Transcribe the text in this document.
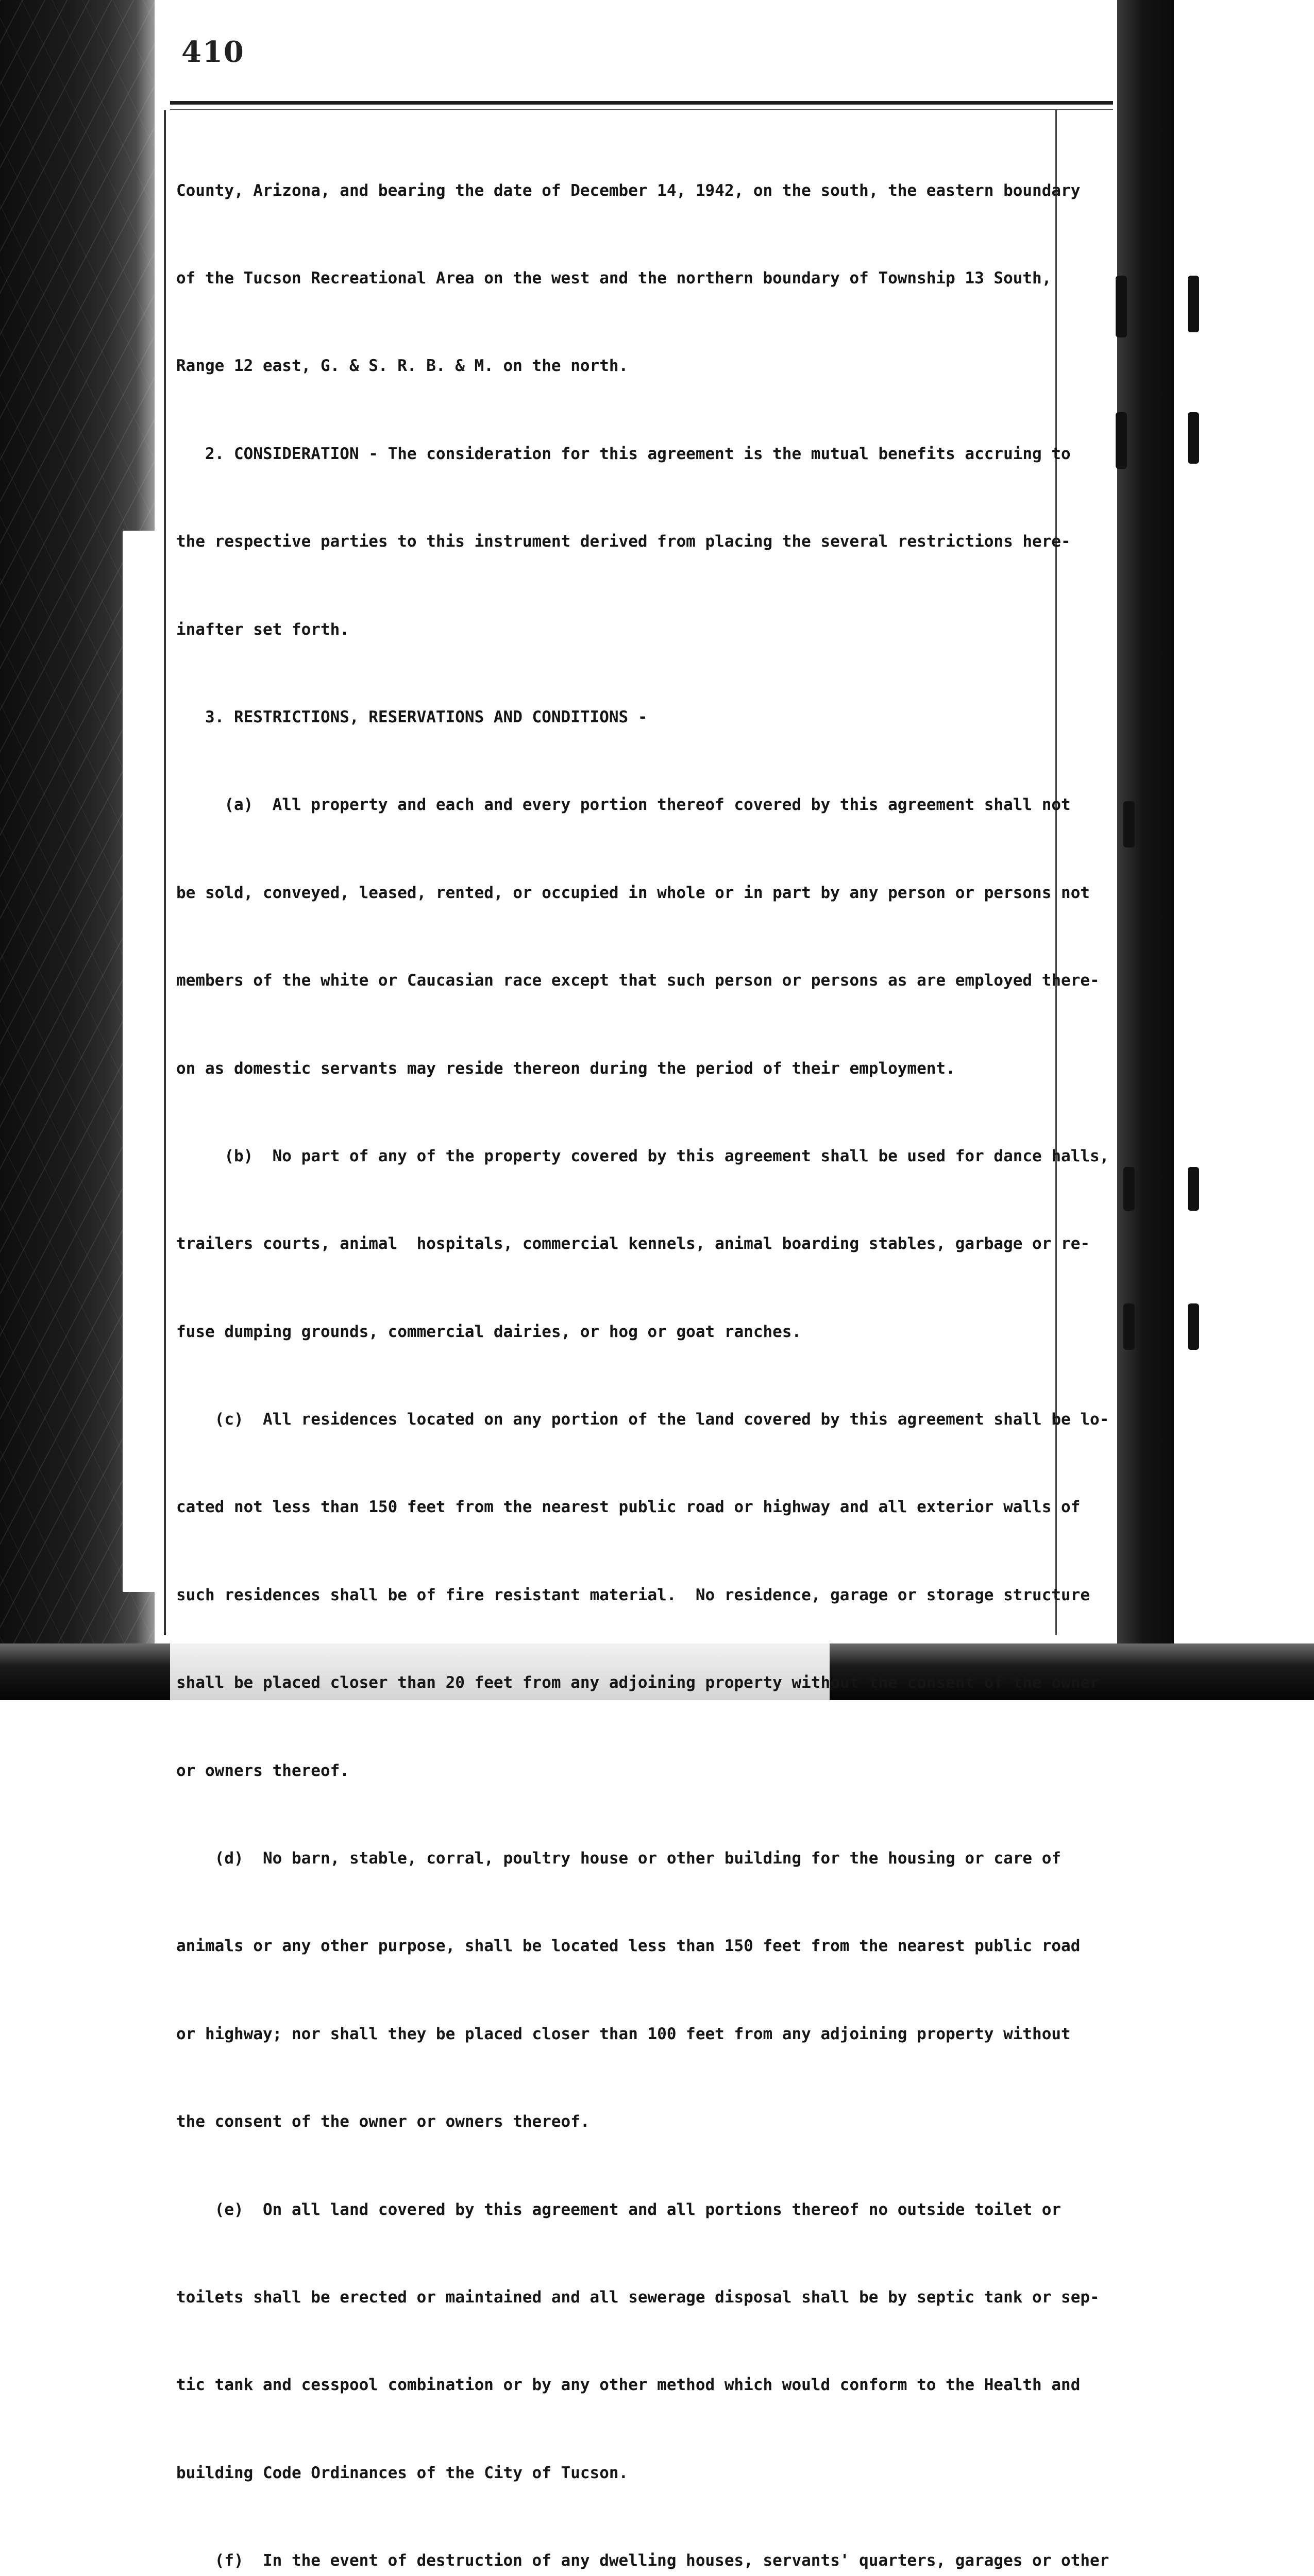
410

County, Arizona, and bearing the date of December 14, 1942, on the south, the eastern boundary

of the Tucson Recreational Area on the west and the northern boundary of Township 13 South,

Range 12 east, G. & S. R. B. & M. on the north.

2. CONSIDERATION - The consideration for this agreement is the mutual benefits accruing to

the respective parties to this instrument derived from placing the several restrictions here-

inafter set forth.

3. RESTRICTIONS, RESERVATIONS AND CONDITIONS -

(a)  All property and each and every portion thereof covered by this agreement shall not

be sold, conveyed, leased, rented, or occupied in whole or in part by any person or persons not

members of the white or Caucasian race except that such person or persons as are employed there-

on as domestic servants may reside thereon during the period of their employment.

(b)  No part of any of the property covered by this agreement shall be used for dance halls,

trailers courts, animal  hospitals, commercial kennels, animal boarding stables, garbage or re-

fuse dumping grounds, commercial dairies, or hog or goat ranches.

(c)  All residences located on any portion of the land covered by this agreement shall be lo-

cated not less than 150 feet from the nearest public road or highway and all exterior walls of

such residences shall be of fire resistant material.  No residence, garage or storage structure

shall be placed closer than 20 feet from any adjoining property without the consent of the owner

or owners thereof.

(d)  No barn, stable, corral, poultry house or other building for the housing or care of

animals or any other purpose, shall be located less than 150 feet from the nearest public road

or highway; nor shall they be placed closer than 100 feet from any adjoining property without

the consent of the owner or owners thereof.

(e)  On all land covered by this agreement and all portions thereof no outside toilet or

toilets shall be erected or maintained and all sewerage disposal shall be by septic tank or sep-

tic tank and cesspool combination or by any other method which would conform to the Health and

building Code Ordinances of the City of Tucson.

(f)  In the event of destruction of any dwelling houses, servants' quarters, garages or other
